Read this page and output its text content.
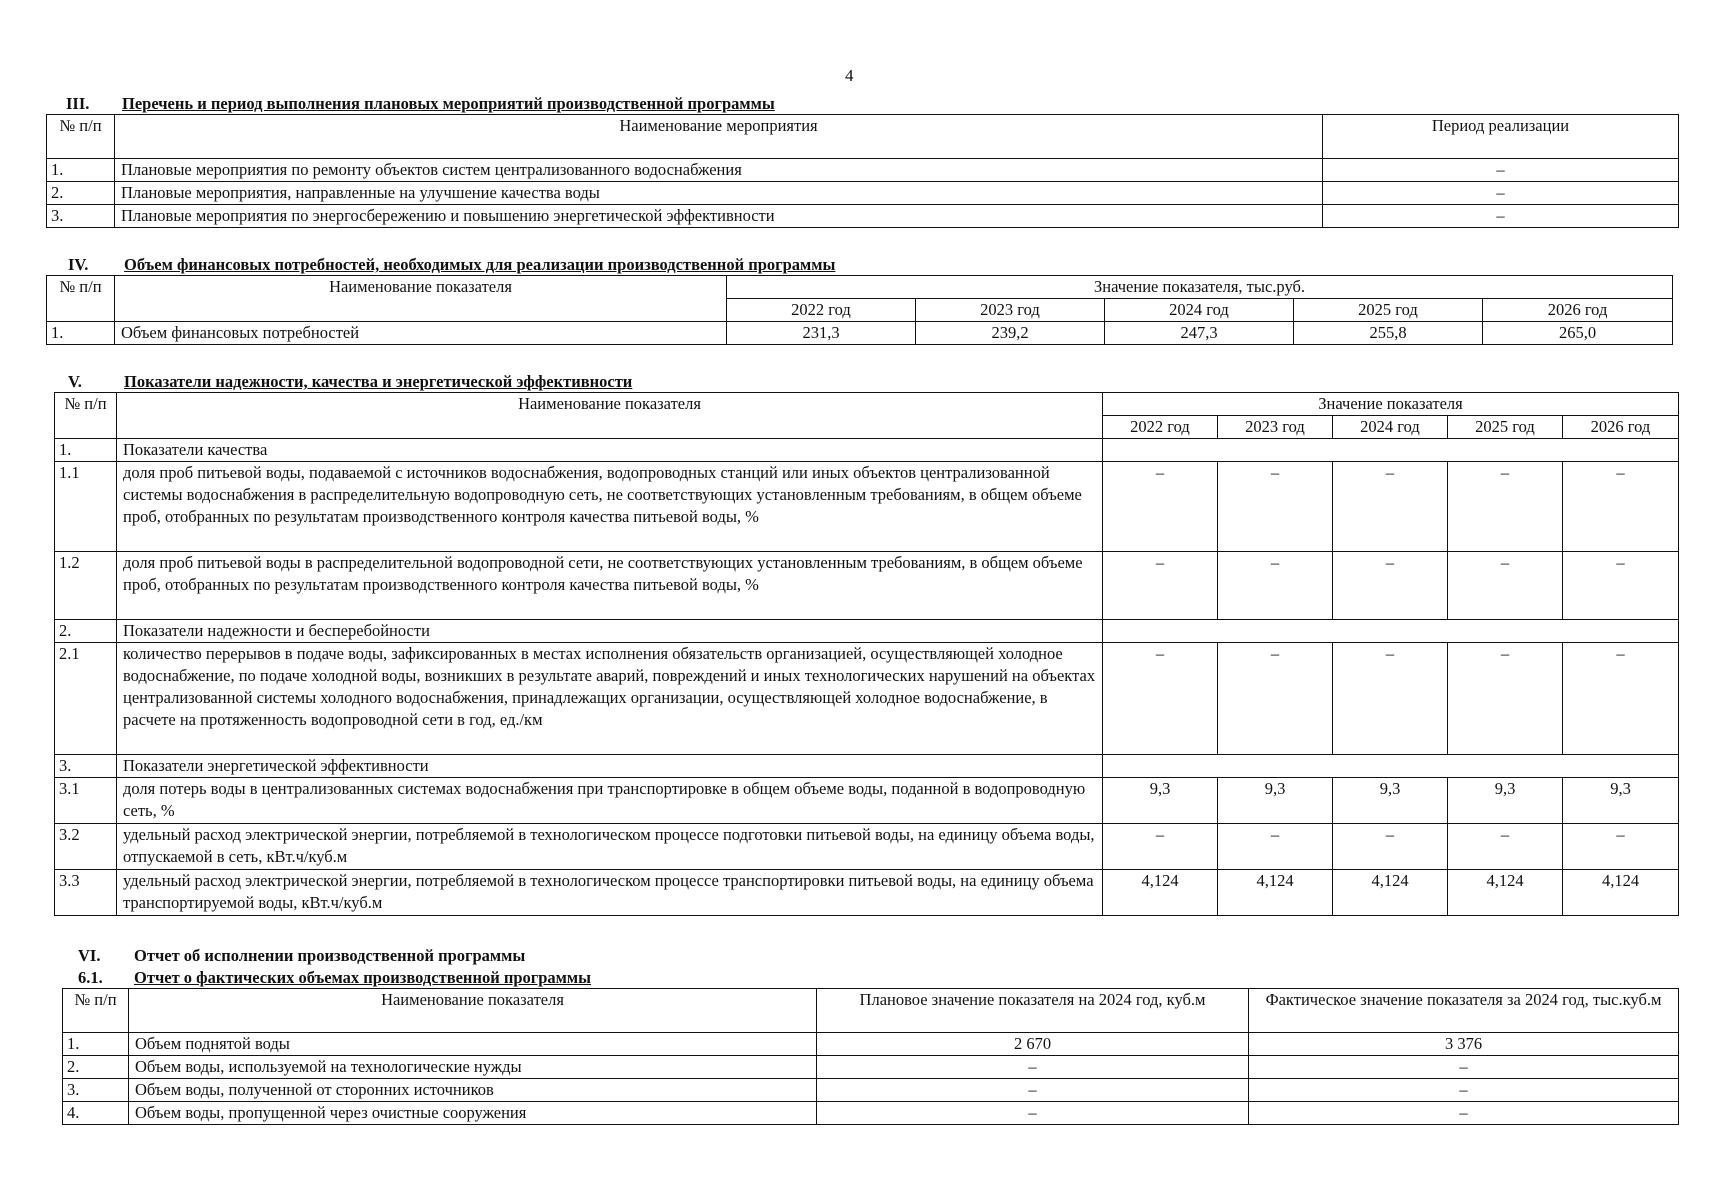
4
III. Перечень и период выполнения плановых мероприятий производственной программы
№ п/п	Наименование мероприятия	Период реализации
1.	Плановые мероприятия по ремонту объектов систем централизованного водоснабжения	–
2.	Плановые мероприятия, направленные на улучшение качества воды	–
3.	Плановые мероприятия по энергосбережению и повышению энергетической эффективности	–
IV. Объем финансовых потребностей, необходимых для реализации производственной программы
№ п/п	Наименование показателя	Значение показателя, тыс.руб.				
		2022 год	2023 год	2024 год	2025 год	2026 год
1.	Объем финансовых потребностей	231,3	239,2	247,3	255,8	265,0
V.	Показатели надежности, качества и энергетической эффективности
№ п/п	Наименование показателя	Значение показателя				
		2022 год	2023 год	2024 год	2025 год	2026 год
1.	Показатели качества					
1.1	доля проб питьевой воды, подаваемой с источников водоснабжения, водопроводных станций или иных объектов централизованной системы водоснабжения в распределительную водопроводную сеть, не соответствующих установленным требованиям, в общем объеме проб, отобранных по результатам производственного контроля качества питьевой воды, %	–	–	–	–	–
1.2	доля проб питьевой воды в распределительной водопроводной сети, не соответствующих установленным требованиям, в общем объеме проб, отобранных по результатам производственного контроля качества питьевой воды, %	–	–	–	–	–
2.	Показатели надежности и бесперебойности					
2.1	количество перерывов в подаче воды, зафиксированных в местах исполнения обязательств организацией, осуществляющей холодное водоснабжение, по подаче холодной воды, возникших в результате аварий, повреждений и иных технологических нарушений на объектах централизованной системы холодного водоснабжения, принадлежащих организации, осуществляющей холодное водоснабжение, в расчете на протяженность водопроводной сети в год, ед./км	–	–	–	–	–
3.	Показатели энергетической эффективности					
3.1	доля потерь воды в централизованных системах водоснабжения при транспортировке в общем объеме воды, поданной в водопроводную сеть, %	9,3	9,3	9,3	9,3	9,3
3.2	удельный расход электрической энергии, потребляемой в технологическом процессе подготовки питьевой воды, на единицу объема воды, отпускаемой в сеть, кВт.ч/куб.м	–	–	–	–	–
3.3	удельный расход электрической энергии, потребляемой в технологическом процессе транспортировки питьевой воды, на единицу объема транспортируемой воды, кВт.ч/куб.м	4,124	4,124	4,124	4,124	4,124
VI. Отчет об исполнении производственной программы
6.1. Отчет о фактических объемах производственной программы
№ п/п	Наименование показателя	Плановое значение показателя на 2024 год, куб.м	Фактическое значение показателя за 2024 год, тыс.куб.м
1.	Объем поднятой воды	2 670	3 376
2.	Объем воды, используемой на технологические нужды	–	–
3.	Объем воды, полученной от сторонних источников	–	–
4.	Объем воды, пропущенной через очистные сооружения	–	–
